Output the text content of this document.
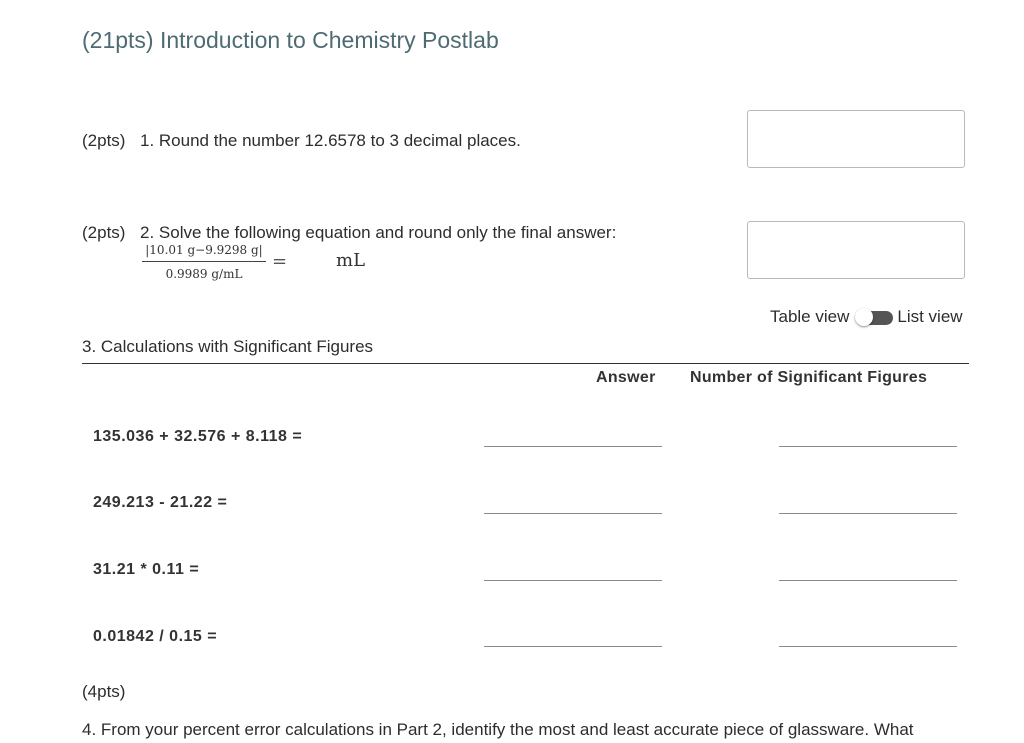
(21pts) Introduction to Chemistry Postlab
(2pts) 1. Round the number 12.6578 to 3 decimal places.
(2pts) 2. Solve the following equation and round only the final answer:
|10.01 g−9.9298 g|
0.9989 g/mL
=	mL
Table view	List view
3. Calculations with Significant Figures
Answer Number of Significant Figures
135.036 + 32.576 + 8.118 =
249.213 - 21.22 =
31.21 * 0.11 =
0.01842 / 0.15 =
(4pts)
4. From your percent error calculations in Part 2, identify the most and least accurate piece of glassware. What
